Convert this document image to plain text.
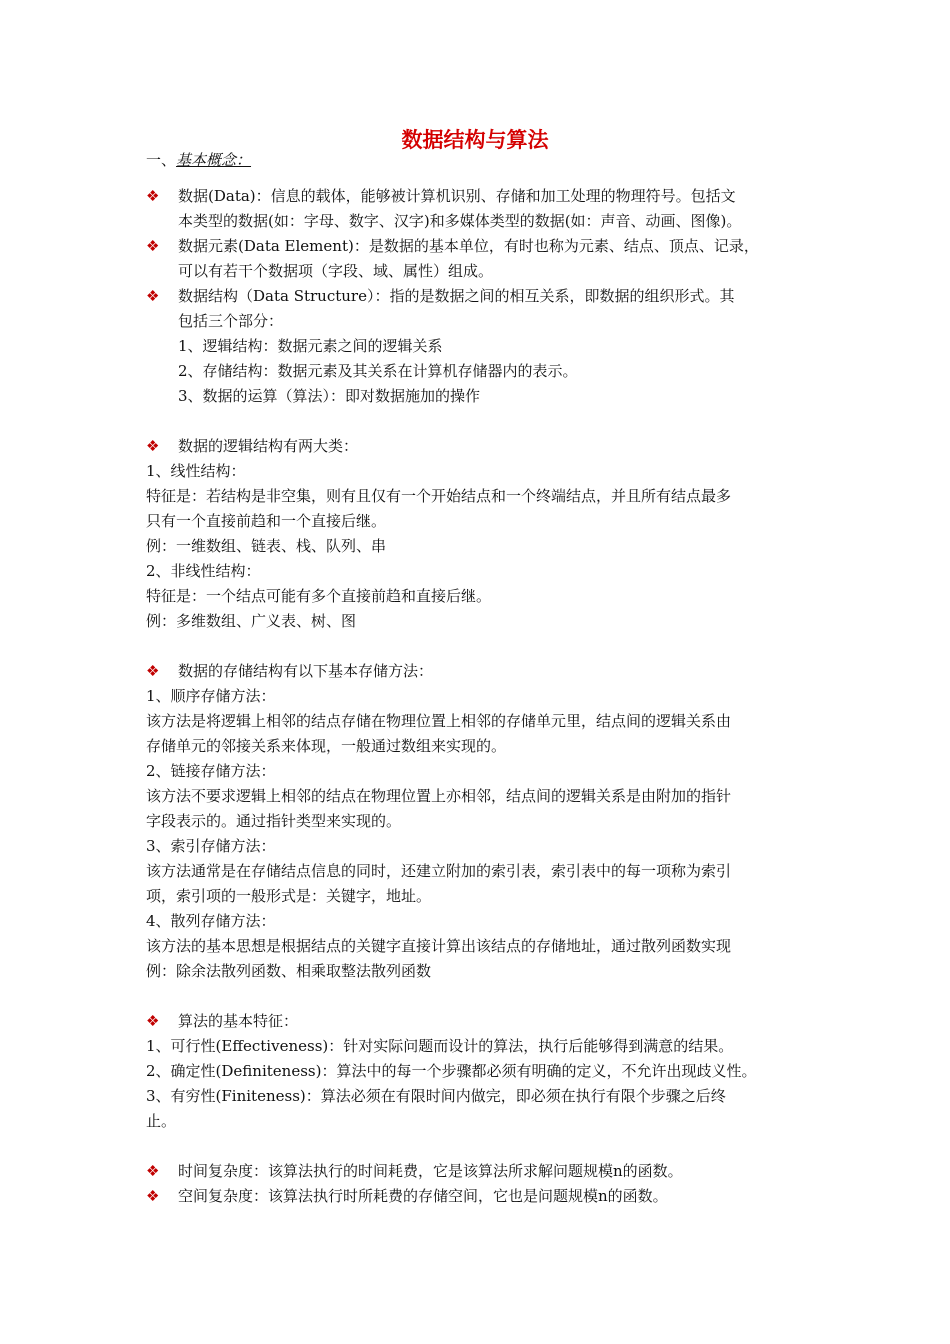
数据结构与算法
一、基本概念：
❖ 数据(Data)：信息的载体，能够被计算机识别、存储和加工处理的物理符号。包括文
本类型的数据(如：字母、数字、汉字)和多媒体类型的数据(如：声音、动画、图像)。
❖ 数据元素(Data Element)：是数据的基本单位，有时也称为元素、结点、顶点、记录，
可以有若干个数据项（字段、域、属性）组成。
❖ 数据结构（Data Structure）：指的是数据之间的相互关系，即数据的组织形式。其
包括三个部分：
1、逻辑结构：数据元素之间的逻辑关系
2、存储结构：数据元素及其关系在计算机存储器内的表示。
3、数据的运算（算法）：即对数据施加的操作
❖ 数据的逻辑结构有两大类：
1、线性结构：
特征是：若结构是非空集，则有且仅有一个开始结点和一个终端结点，并且所有结点最多
只有一个直接前趋和一个直接后继。
例：一维数组、链表、栈、队列、串
2、非线性结构：
特征是：一个结点可能有多个直接前趋和直接后继。
例：多维数组、广义表、树、图
❖ 数据的存储结构有以下基本存储方法：
1、顺序存储方法：
该方法是将逻辑上相邻的结点存储在物理位置上相邻的存储单元里，结点间的逻辑关系由
存储单元的邻接关系来体现，一般通过数组来实现的。
2、链接存储方法：
该方法不要求逻辑上相邻的结点在物理位置上亦相邻，结点间的逻辑关系是由附加的指针
字段表示的。通过指针类型来实现的。
3、索引存储方法：
该方法通常是在存储结点信息的同时，还建立附加的索引表，索引表中的每一项称为索引
项，索引项的一般形式是：关键字，地址。
4、散列存储方法：
该方法的基本思想是根据结点的关键字直接计算出该结点的存储地址，通过散列函数实现
例：除余法散列函数、相乘取整法散列函数
❖ 算法的基本特征：
1、可行性(Effectiveness)：针对实际问题而设计的算法，执行后能够得到满意的结果。
2、确定性(Definiteness)：算法中的每一个步骤都必须有明确的定义，不允许出现歧义性。
3、有穷性(Finiteness)：算法必须在有限时间内做完，即必须在执行有限个步骤之后终
止。
❖ 时间复杂度：该算法执行的时间耗费，它是该算法所求解问题规模n的函数。
❖ 空间复杂度：该算法执行时所耗费的存储空间，它也是问题规模n的函数。
